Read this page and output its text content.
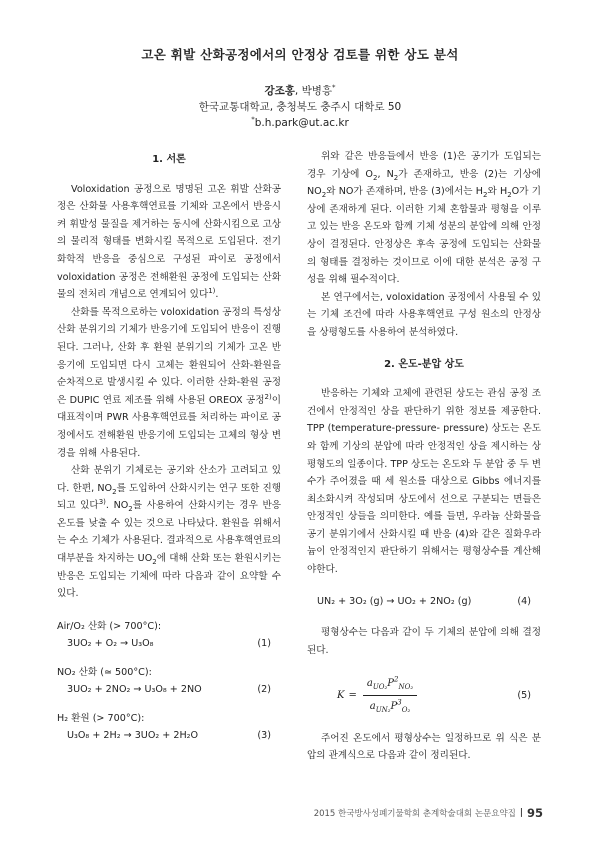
고온 휘발 산화공정에서의 안정상 검토를 위한 상도 분석
강조홍, 박병흥*
한국교통대학교, 충청북도 충주시 대학로 50
*b.h.park@ut.ac.kr
1. 서론

Voloxidation 공정으로 명명된 고온 휘발 산화공정은 산화물 사용후핵연료를 기체와 고온에서 반응시켜 휘발성 물질을 제거하는 동시에 산화시킴으로 고상의 물리적 형태를 변화시킬 목적으로 도입된다. 전기화학적 반응을 중심으로 구성된 파이로 공정에서 voloxidation 공정은 전해환원 공정에 도입되는 산화물의 전처리 개념으로 연계되어 있다$^{1)}$.

산화를 목적으로하는 voloxidation 공정의 특성상 산화 분위기의 기체가 반응기에 도입되어 반응이 진행된다. 그러나, 산화 후 환원 분위기의 기체가 고온 반응기에 도입되면 다시 고체는 환원되어 산화-환원을 순차적으로 발생시킬 수 있다. 이러한 산화-환원 공정은 DUPIC 연료 제조를 위해 사용된 OREOX 공정$^{2)}$이 대표적이며 PWR 사용후핵연료를 처리하는 파이로 공정에서도 전해환원 반응기에 도입되는 고체의 형상 변경을 위해 사용된다.

산화 분위기 기체로는 공기와 산소가 고려되고 있다. 한편, $NO_2$를 도입하여 산화시키는 연구 또한 진행되고 있다$^{3)}$. $NO_2$를 사용하여 산화시키는 경우 반응 온도를 낮출 수 있는 것으로 나타났다. 환원을 위해서는 수소 기체가 사용된다. 결과적으로 사용후핵연료의 대부분을 차지하는 $UO_2$에 대해 산화 또는 환원시키는 반응은 도입되는 기체에 따라 다음과 같이 요약할 수 있다.

Air/O₂ 산화 (> 700°C):
3UO₂ + O₂ → U₃O₈	(1)
NO₂ 산화 (≃ 500°C):
3UO₂ + 2NO₂ → U₃O₈ + 2NO	(2)
H₂ 환원 (> 700°C):
U₃O₈ + 2H₂ → 3UO₂ + 2H₂O	(3)

위와 같은 반응들에서 반응 (1)은 공기가 도입되는 경우 기상에 $O_2$, $N_2$가 존재하고, 반응 (2)는 기상에 $NO_2$와 NO가 존재하며, 반응 (3)에서는 $H_2$와 $H_2O$가 기상에 존재하게 된다. 이러한 기체 혼합물과 평형을 이루고 있는 반응 온도와 함께 기체 성분의 분압에 의해 안정상이 결정된다. 안정상은 후속 공정에 도입되는 산화물의 형태를 결정하는 것이므로 이에 대한 분석은 공정 구성을 위해 필수적이다.

본 연구에서는, voloxidation 공정에서 사용될 수 있는 기체 조건에 따라 사용후핵연료 구성 원소의 안정상을 상평형도를 사용하여 분석하였다.

2. 온도-분압 상도

반응하는 기체와 고체에 관련된 상도는 관심 공정 조건에서 안정적인 상을 판단하기 위한 정보를 제공한다. TPP (temperature-pressure- pressure) 상도는 온도와 함께 기상의 분압에 따라 안정적인 상을 제시하는 상평형도의 일종이다. TPP 상도는 온도와 두 분압 중 두 변수가 주어졌을 때 세 원소를 대상으로 Gibbs 에너지를 최소화시켜 작성되며 상도에서 선으로 구분되는 면들은 안정적인 상들을 의미한다. 예를 들면, 우라늄 산화물을 공기 분위기에서 산화시킬 때 반응 (4)와 같은 질화우라늄이 안정적인지 판단하기 위해서는 평형상수를 계산해야한다.

UN₂ + 3O₂ (g) → UO₂ + 2NO₂ (g)	(4)

평형상수는 다음과 같이 두 기체의 분압에 의해 결정된다.

$K = \frac{a_{UO_2}P^2_{NO_2}}{a_{UN_2}P^3_{O_2}}$	(5)

주어진 온도에서 평형상수는 일정하므로 위 식은 분압의 관계식으로 다음과 같이 정리된다.

2015 한국방사성폐기물학회 춘계학술대회 논문요약집 | 95
